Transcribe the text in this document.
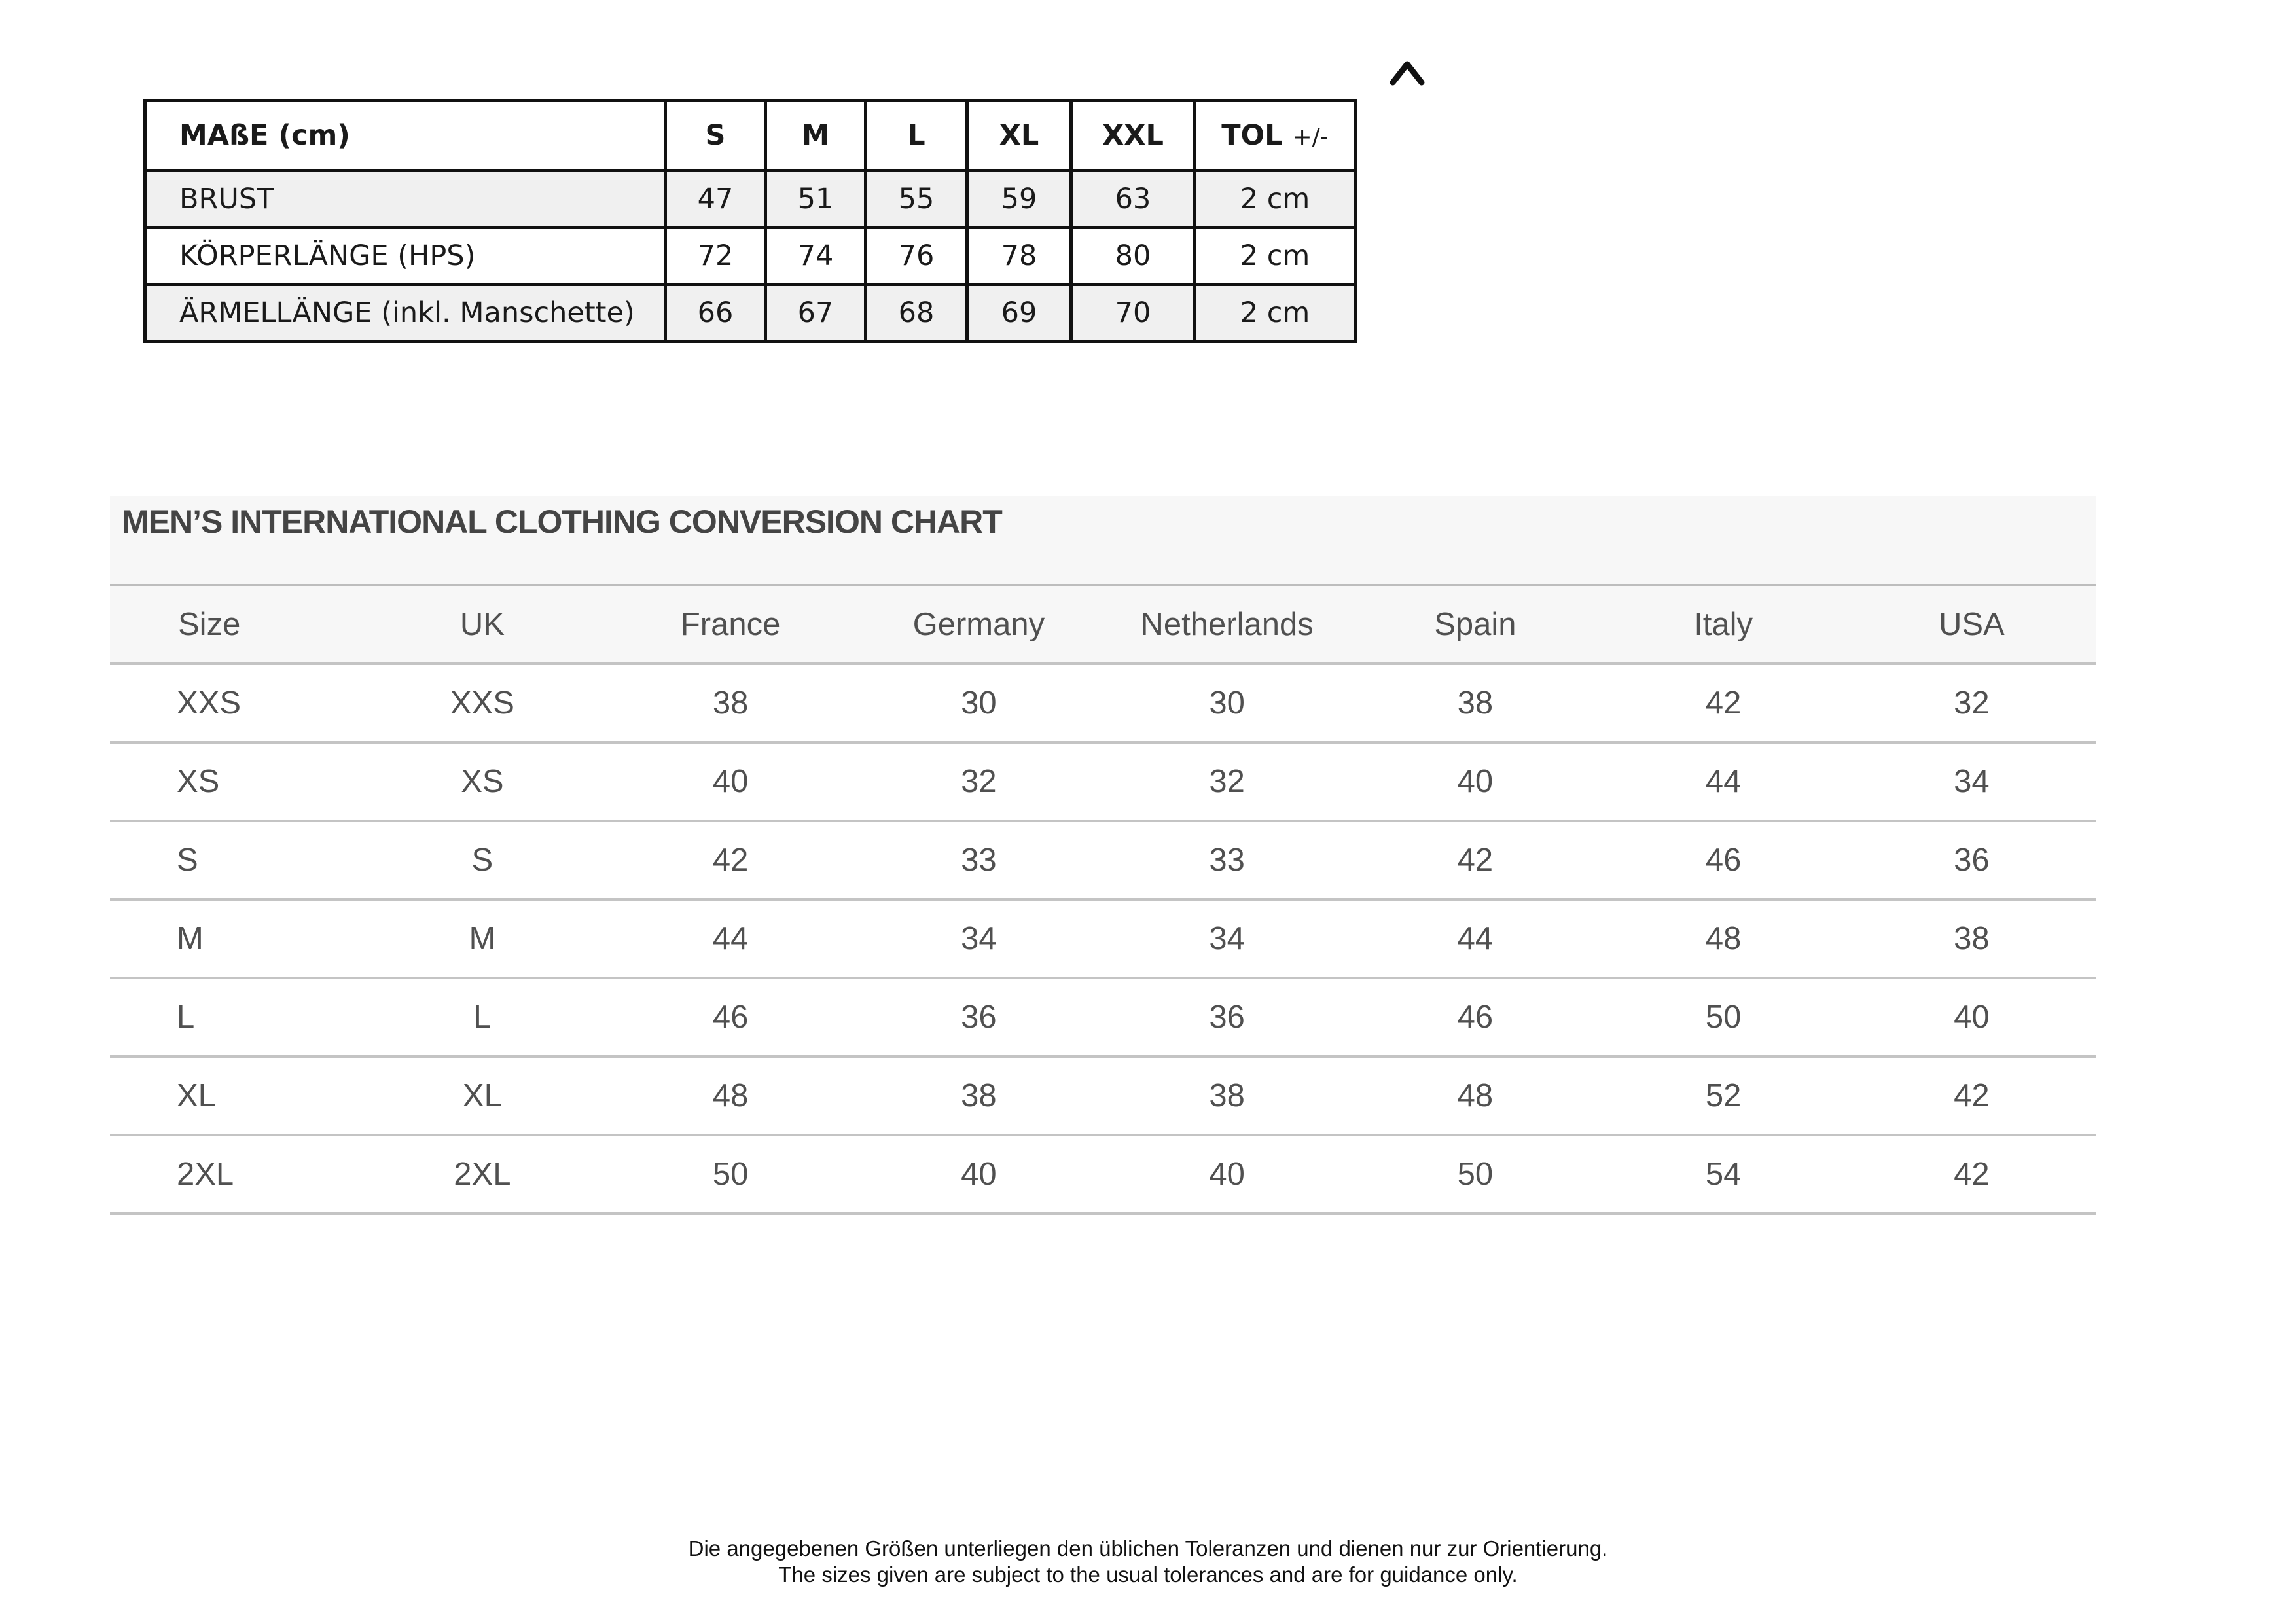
MAßE (cm)	S	M	L	XL	XXL	TOL +/-
BRUST	47	51	55	59	63	2 cm
KÖRPERLÄNGE (HPS)	72	74	76	78	80	2 cm
ÄRMELLÄNGE (inkl. Manschette)	66	67	68	69	70	2 cm
MEN’S INTERNATIONAL CLOTHING CONVERSION CHART
Size	UK	France	Germany	Netherlands	Spain	Italy	USA
XXS	XXS	38	30	30	38	42	32
XS	XS	40	32	32	40	44	34
S	S	42	33	33	42	46	36
M	M	44	34	34	44	48	38
L	L	46	36	36	46	50	40
XL	XL	48	38	38	48	52	42
2XL	2XL	50	40	40	50	54	42
Die angegebenen Größen unterliegen den üblichen Toleranzen und dienen nur zur Orientierung.
The sizes given are subject to the usual tolerances and are for guidance only.
